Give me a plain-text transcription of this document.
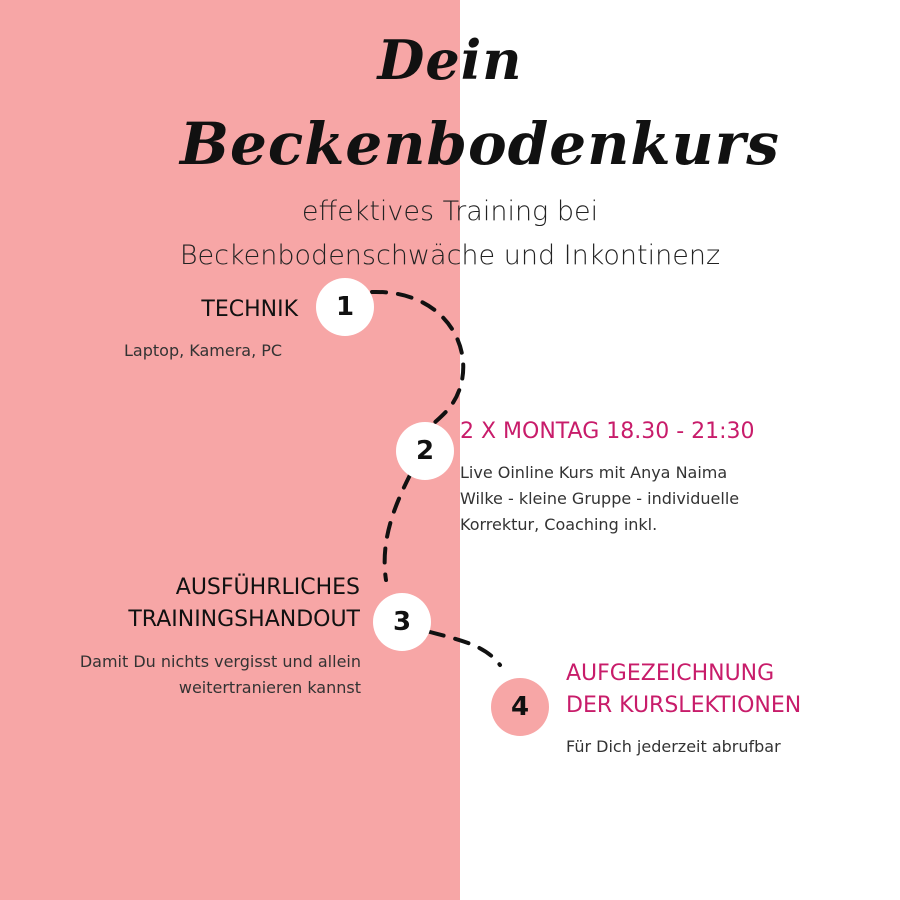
Dein
Beckenbodenkurs
effektives Training bei
Beckenbodenschwäche und Inkontinenz
1
TECHNIK
Laptop, Kamera, PC
2
2 X MONTAG 18.30 - 21:30
Live Oinline Kurs mit Anya Naima
Wilke - kleine Gruppe - individuelle
Korrektur, Coaching inkl.
3
AUSFÜHRLICHES
TRAININGSHANDOUT
Damit Du nichts vergisst und allein
weitertranieren kannst
4
AUFGEZEICHNUNG
DER KURSLEKTIONEN
Für Dich jederzeit abrufbar
